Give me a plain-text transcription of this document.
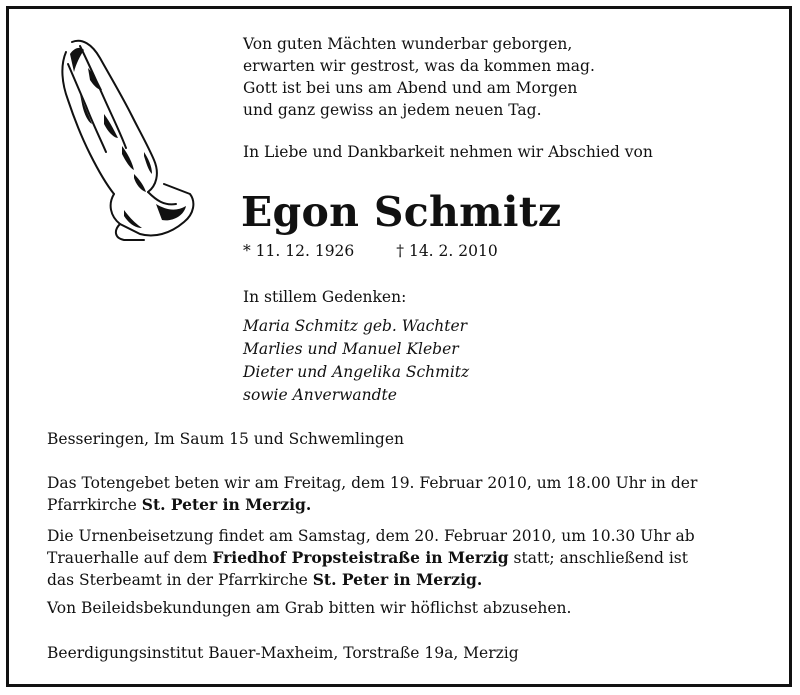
Von guten Mächten wunderbar geborgen,
erwarten wir gestrost, was da kommen mag.
Gott ist bei uns am Abend und am Morgen
und ganz gewiss an jedem neuen Tag.
In Liebe und Dankbarkeit nehmen wir Abschied von
Egon Schmitz
* 11. 12. 1926	† 14. 2. 2010
In stillem Gedenken:
Maria Schmitz geb. Wachter
Marlies und Manuel Kleber
Dieter und Angelika Schmitz
sowie Anverwandte
Besseringen, Im Saum 15 und Schwemlingen
Das Totengebet beten wir am Freitag, dem 19. Februar 2010, um 18.00 Uhr in der
Pfarrkirche St. Peter in Merzig.
Die Urnenbeisetzung findet am Samstag, dem 20. Februar 2010, um 10.30 Uhr ab
Trauerhalle auf dem Friedhof Propsteistraße in Merzig statt; anschließend ist
das Sterbeamt in der Pfarrkirche St. Peter in Merzig.
Von Beileidsbekundungen am Grab bitten wir höflichst abzusehen.
Beerdigungsinstitut Bauer-Maxheim, Torstraße 19a, Merzig
